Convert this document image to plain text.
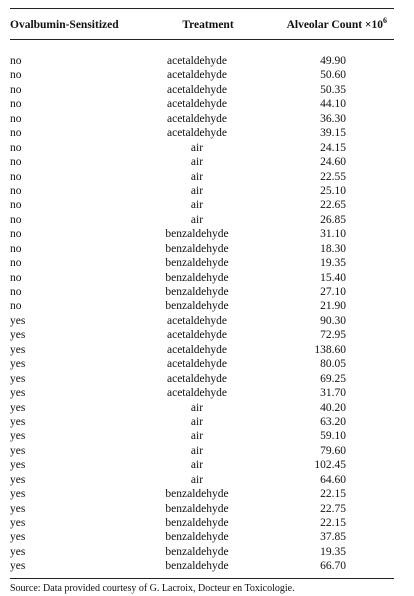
Ovalbumin-Sensitized	Treatment	Alveolar Count $\times 10^6$
no	acetaldehyde	49.90
no	acetaldehyde	50.60
no	acetaldehyde	50.35
no	acetaldehyde	44.10
no	acetaldehyde	36.30
no	acetaldehyde	39.15
no	air	24.15
no	air	24.60
no	air	22.55
no	air	25.10
no	air	22.65
no	air	26.85
no	benzaldehyde	31.10
no	benzaldehyde	18.30
no	benzaldehyde	19.35
no	benzaldehyde	15.40
no	benzaldehyde	27.10
no	benzaldehyde	21.90
yes	acetaldehyde	90.30
yes	acetaldehyde	72.95
yes	acetaldehyde	138.60
yes	acetaldehyde	80.05
yes	acetaldehyde	69.25
yes	acetaldehyde	31.70
yes	air	40.20
yes	air	63.20
yes	air	59.10
yes	air	79.60
yes	air	102.45
yes	air	64.60
yes	benzaldehyde	22.15
yes	benzaldehyde	22.75
yes	benzaldehyde	22.15
yes	benzaldehyde	37.85
yes	benzaldehyde	19.35
yes	benzaldehyde	66.70
Source: Data provided courtesy of G. Lacroix, Docteur en Toxicologie.
